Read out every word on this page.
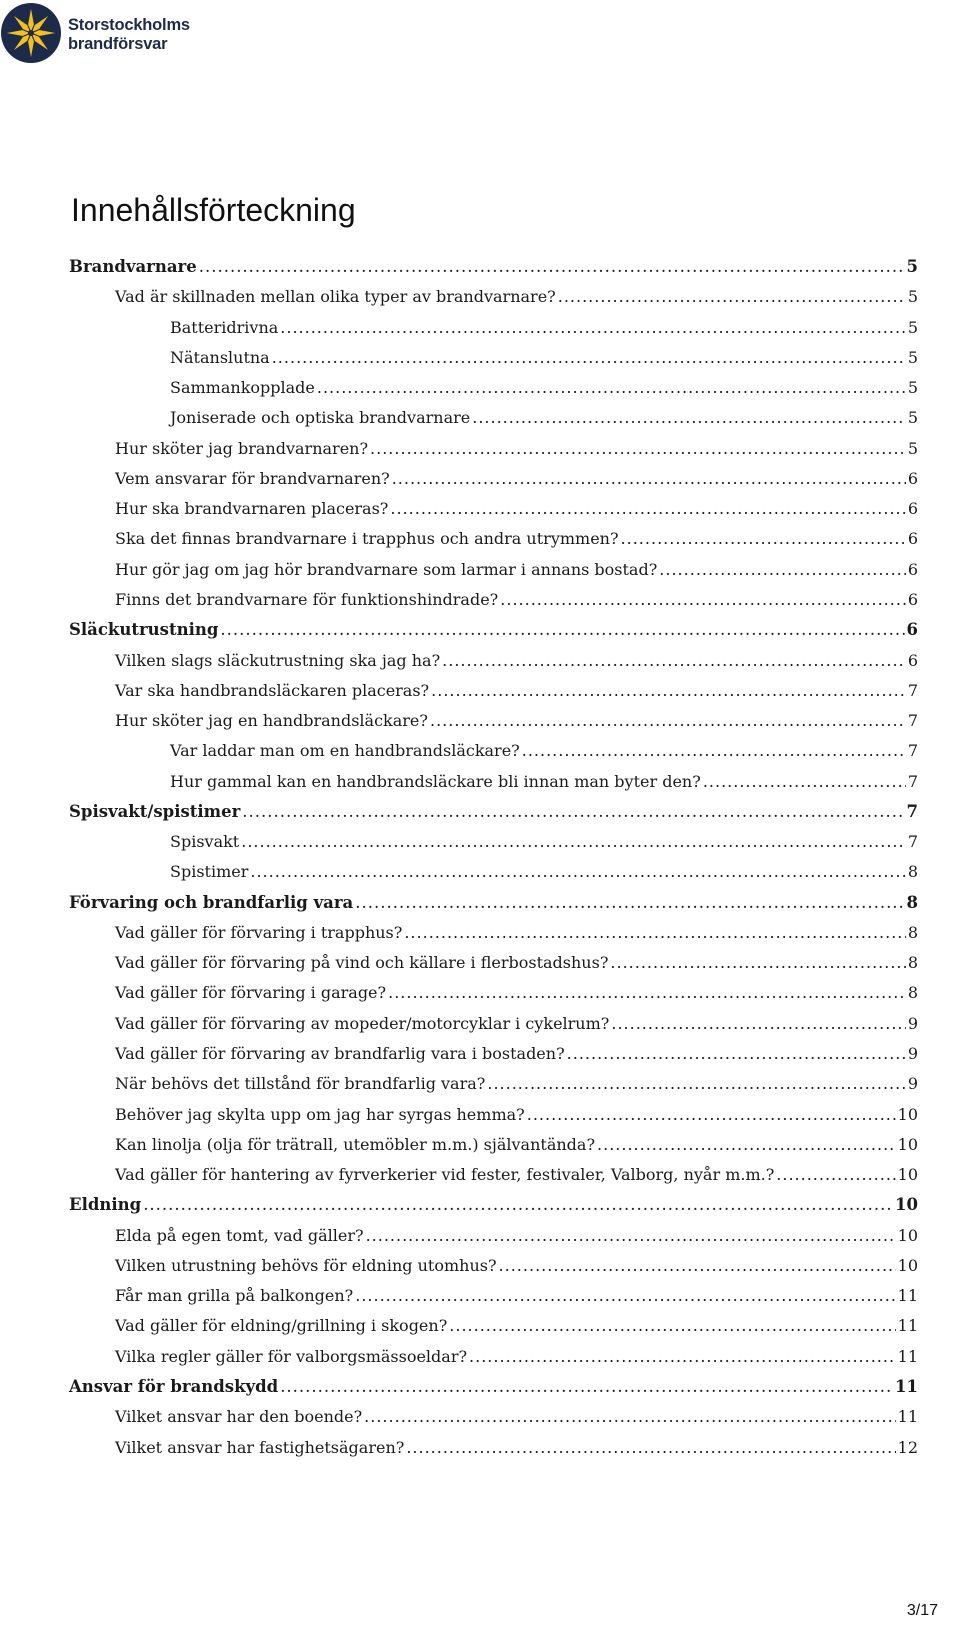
Storstockholms
brandförsvar
Innehållsförteckning
Brandvarnare .....	5
Vad är skillnaden mellan olika typer av brandvarnare? .....	5
Batteridrivna .....	5
Nätanslutna .....	5
Sammankopplade .....	5
Joniserade och optiska brandvarnare .....	5
Hur sköter jag brandvarnaren? .....	5
Vem ansvarar för brandvarnaren? .....	6
Hur ska brandvarnaren placeras? .....	6
Ska det finnas brandvarnare i trapphus och andra utrymmen? .....	6
Hur gör jag om jag hör brandvarnare som larmar i annans bostad? .....	6
Finns det brandvarnare för funktionshindrade? .....	6
Släckutrustning .....	6
Vilken slags släckutrustning ska jag ha? .....	6
Var ska handbrandsläckaren placeras? .....	7
Hur sköter jag en handbrandsläckare? .....	7
Var laddar man om en handbrandsläckare? .....	7
Hur gammal kan en handbrandsläckare bli innan man byter den? .....	7
Spisvakt/spistimer .....	7
Spisvakt .....	7
Spistimer .....	8
Förvaring och brandfarlig vara .....	8
Vad gäller för förvaring i trapphus? .....	8
Vad gäller för förvaring på vind och källare i flerbostadshus? .....	8
Vad gäller för förvaring i garage? .....	8
Vad gäller för förvaring av mopeder/motorcyklar i cykelrum? .....	9
Vad gäller för förvaring av brandfarlig vara i bostaden? .....	9
När behövs det tillstånd för brandfarlig vara? .....	9
Behöver jag skylta upp om jag har syrgas hemma? .....	10
Kan linolja (olja för trätrall, utemöbler m.m.) självantända? .....	10
Vad gäller för hantering av fyrverkerier vid fester, festivaler, Valborg, nyår m.m.? .....	10
Eldning .....	10
Elda på egen tomt, vad gäller? .....	10
Vilken utrustning behövs för eldning utomhus? .....	10
Får man grilla på balkongen? .....	11
Vad gäller för eldning/grillning i skogen? .....	11
Vilka regler gäller för valborgsmässoeldar? .....	11
Ansvar för brandskydd .....	11
Vilket ansvar har den boende? .....	11
Vilket ansvar har fastighetsägaren? .....	12
3/17
